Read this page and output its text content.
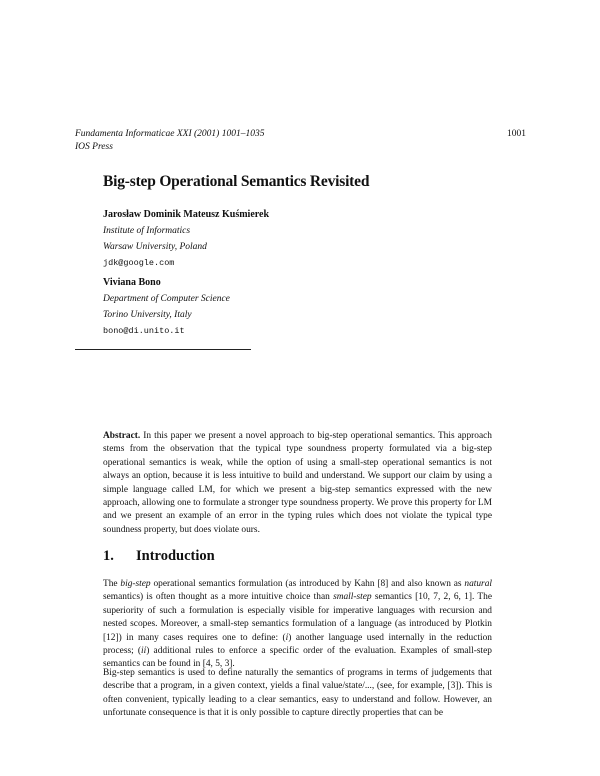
Fundamenta Informaticae XXI (2001) 1001–1035
IOS Press
1001
Big-step Operational Semantics Revisited
Jarosław Dominik Mateusz Kuśmierek
Institute of Informatics
Warsaw University, Poland
jdk@google.com
Viviana Bono
Department of Computer Science
Torino University, Italy
bono@di.unito.it
Abstract. In this paper we present a novel approach to big-step operational semantics. This approach stems from the observation that the typical type soundness property formulated via a big-step operational semantics is weak, while the option of using a small-step operational semantics is not always an option, because it is less intuitive to build and understand. We support our claim by using a simple language called LM, for which we present a big-step semantics expressed with the new approach, allowing one to formulate a stronger type soundness property. We prove this property for LM and we present an example of an error in the typing rules which does not violate the typical type soundness property, but does violate ours.
1. Introduction
The big-step operational semantics formulation (as introduced by Kahn [8] and also known as natural semantics) is often thought as a more intuitive choice than small-step semantics [10, 7, 2, 6, 1]. The superiority of such a formulation is especially visible for imperative languages with recursion and nested scopes. Moreover, a small-step semantics formulation of a language (as introduced by Plotkin [12]) in many cases requires one to define: (i) another language used internally in the reduction process; (ii) additional rules to enforce a specific order of the evaluation. Examples of small-step semantics can be found in [4, 5, 3].
Big-step semantics is used to define naturally the semantics of programs in terms of judgements that describe that a program, in a given context, yields a final value/state/..., (see, for example, [3]). This is often convenient, typically leading to a clear semantics, easy to understand and follow. However, an unfortunate consequence is that it is only possible to capture directly properties that can be
